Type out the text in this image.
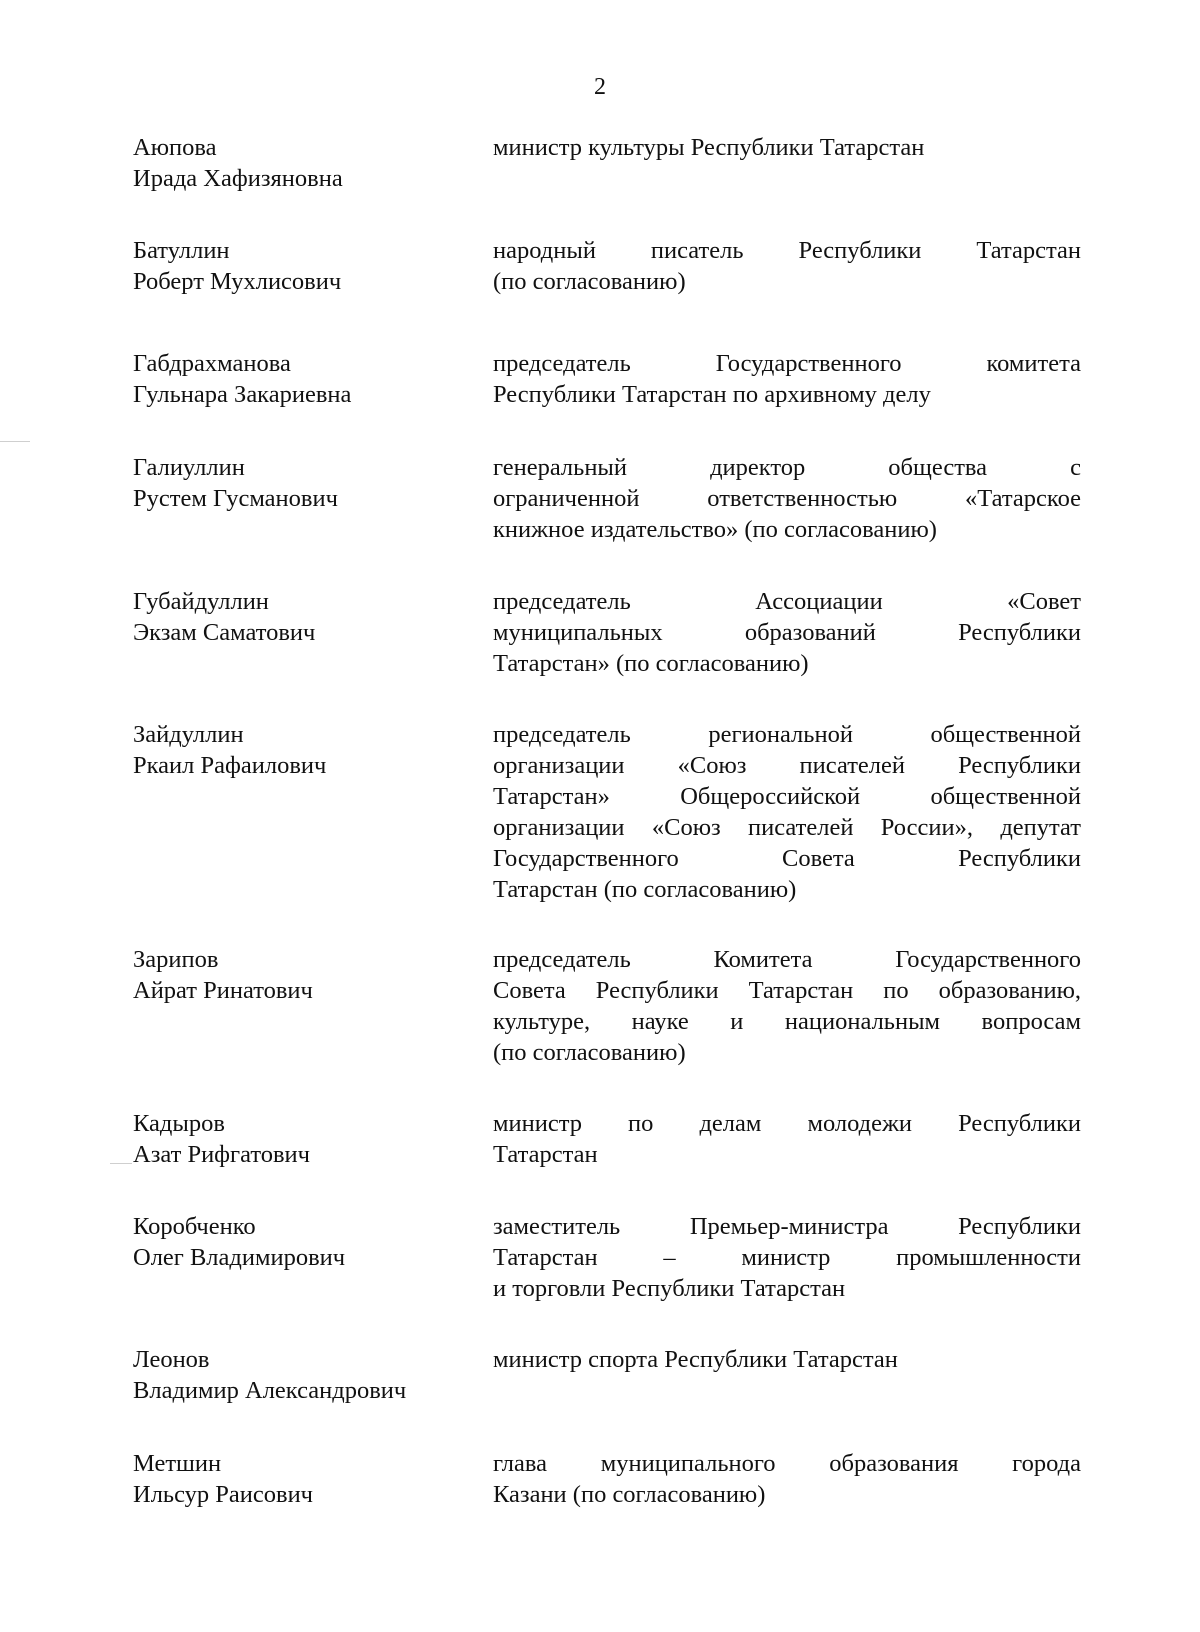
2
Аюпова
Ирада Хафизяновна
министр культуры Республики Татарстан
Батуллин
Роберт Мухлисович
народный писатель Республики Татарстан
(по согласованию)
Габдрахманова
Гульнара Закариевна
председатель Государственного комитета
Республики Татарстан по архивному делу
Галиуллин
Рустем Гусманович
генеральный директор общества с
ограниченной ответственностью «Татарское
книжное издательство» (по согласованию)
Губайдуллин
Экзам Саматович
председатель Ассоциации «Совет
муниципальных образований Республики
Татарстан» (по согласованию)
Зайдуллин
Ркаил Рафаилович
председатель региональной общественной
организации «Союз писателей Республики
Татарстан» Общероссийской общественной
организации «Союз писателей России», депутат
Государственного Совета Республики
Татарстан (по согласованию)
Зарипов
Айрат Ринатович
председатель Комитета Государственного
Совета Республики Татарстан по образованию,
культуре, науке и национальным вопросам
(по согласованию)
Кадыров
Азат Рифгатович
министр по делам молодежи Республики
Татарстан
Коробченко
Олег Владимирович
заместитель Премьер-министра Республики
Татарстан – министр промышленности
и торговли Республики Татарстан
Леонов
Владимир Александрович
министр спорта Республики Татарстан
Метшин
Ильсур Раисович
глава муниципального образования города
Казани (по согласованию)
